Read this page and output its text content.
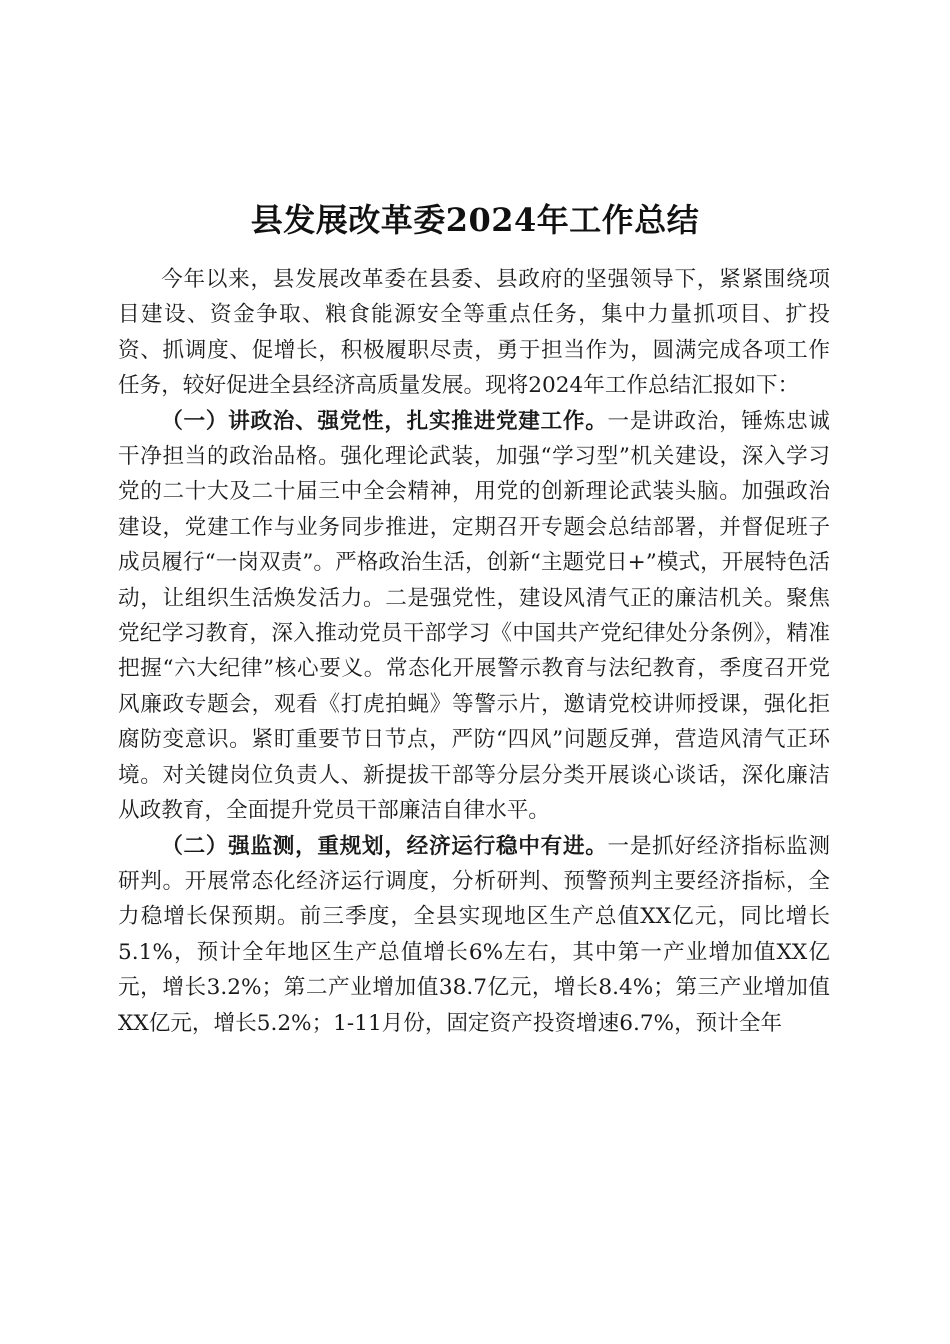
县发展改革委2024年工作总结

今年以来，县发展改革委在县委、县政府的坚强领导下，紧紧围绕项目建设、资金争取、粮食能源安全等重点任务，集中力量抓项目、扩投资、抓调度、促增长，积极履职尽责，勇于担当作为，圆满完成各项工作任务，较好促进全县经济高质量发展。现将2024年工作总结汇报如下：

（一）讲政治、强党性，扎实推进党建工作。一是讲政治，锤炼忠诚干净担当的政治品格。强化理论武装，加强“学习型”机关建设，深入学习党的二十大及二十届三中全会精神，用党的创新理论武装头脑。加强政治建设，党建工作与业务同步推进，定期召开专题会总结部署，并督促班子成员履行“一岗双责”。严格政治生活，创新“主题党日+”模式，开展特色活动，让组织生活焕发活力。二是强党性，建设风清气正的廉洁机关。聚焦党纪学习教育，深入推动党员干部学习《中国共产党纪律处分条例》，精准把握“六大纪律”核心要义。常态化开展警示教育与法纪教育，季度召开党风廉政专题会，观看《打虎拍蝇》等警示片，邀请党校讲师授课，强化拒腐防变意识。紧盯重要节日节点，严防“四风”问题反弹，营造风清气正环境。对关键岗位负责人、新提拔干部等分层分类开展谈心谈话，深化廉洁从政教育，全面提升党员干部廉洁自律水平。

（二）强监测，重规划，经济运行稳中有进。一是抓好经济指标监测研判。开展常态化经济运行调度，分析研判、预警预判主要经济指标，全力稳增长保预期。前三季度，全县实现地区生产总值XX亿元，同比增长5.1%，预计全年地区生产总值增长6%左右，其中第一产业增加值XX亿元，增长3.2%；第二产业增加值38.7亿元，增长8.4%；第三产业增加值XX亿元，增长5.2%；1-11月份，固定资产投资增速6.7%，预计全年
